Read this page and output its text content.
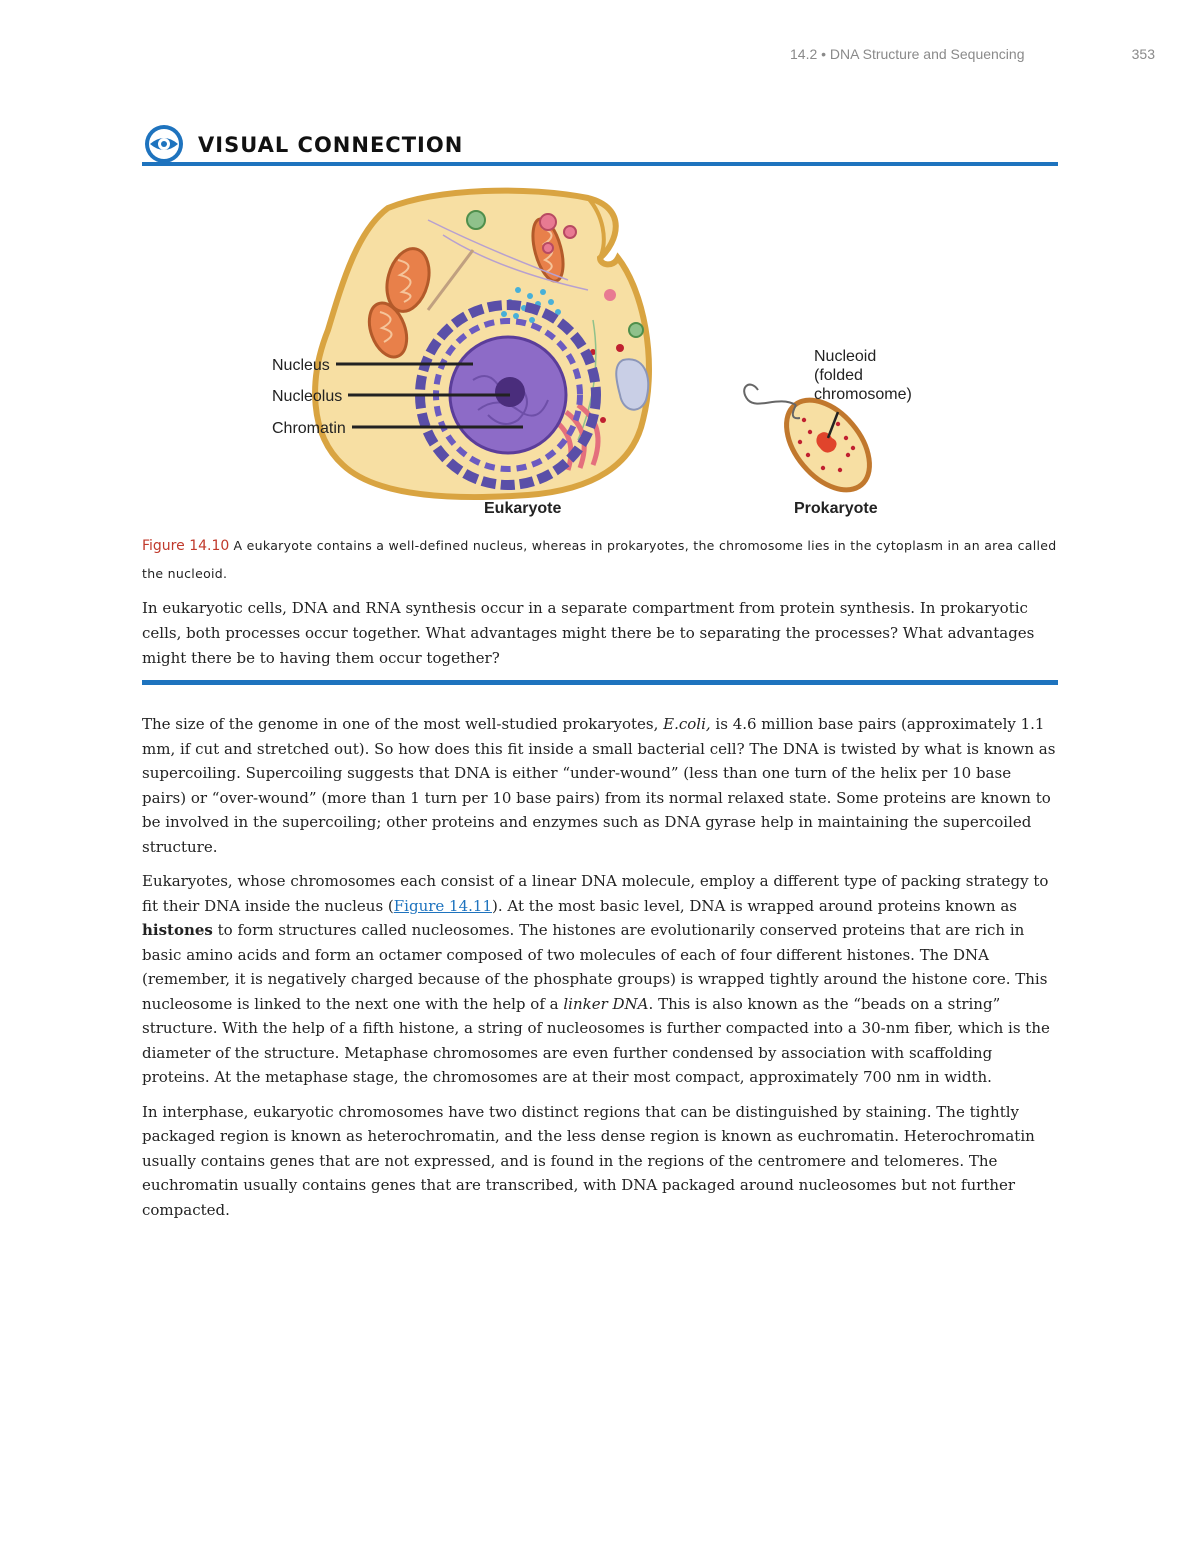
14.2 • DNA Structure and Sequencing	353
VISUAL CONNECTION
Nucleus
Nucleolus
Chromatin
Nucleoid
(folded
chromosome)
Eukaryote	Prokaryote
Figure 14.10 A eukaryote contains a well-defined nucleus, whereas in prokaryotes, the chromosome lies in the cytoplasm in an area called the nucleoid.
In eukaryotic cells, DNA and RNA synthesis occur in a separate compartment from protein synthesis. In prokaryotic cells, both processes occur together. What advantages might there be to separating the processes? What advantages might there be to having them occur together?

The size of the genome in one of the most well-studied prokaryotes, E.coli, is 4.6 million base pairs (approximately 1.1 mm, if cut and stretched out). So how does this fit inside a small bacterial cell? The DNA is twisted by what is known as supercoiling. Supercoiling suggests that DNA is either “under-wound” (less than one turn of the helix per 10 base pairs) or “over-wound” (more than 1 turn per 10 base pairs) from its normal relaxed state. Some proteins are known to be involved in the supercoiling; other proteins and enzymes such as DNA gyrase help in maintaining the supercoiled structure.

Eukaryotes, whose chromosomes each consist of a linear DNA molecule, employ a different type of packing strategy to fit their DNA inside the nucleus (Figure 14.11). At the most basic level, DNA is wrapped around proteins known as histones to form structures called nucleosomes. The histones are evolutionarily conserved proteins that are rich in basic amino acids and form an octamer composed of two molecules of each of four different histones. The DNA (remember, it is negatively charged because of the phosphate groups) is wrapped tightly around the histone core. This nucleosome is linked to the next one with the help of a linker DNA. This is also known as the “beads on a string” structure. With the help of a fifth histone, a string of nucleosomes is further compacted into a 30-nm fiber, which is the diameter of the structure. Metaphase chromosomes are even further condensed by association with scaffolding proteins. At the metaphase stage, the chromosomes are at their most compact, approximately 700 nm in width.

In interphase, eukaryotic chromosomes have two distinct regions that can be distinguished by staining. The tightly packaged region is known as heterochromatin, and the less dense region is known as euchromatin. Heterochromatin usually contains genes that are not expressed, and is found in the regions of the centromere and telomeres. The euchromatin usually contains genes that are transcribed, with DNA packaged around nucleosomes but not further compacted.
